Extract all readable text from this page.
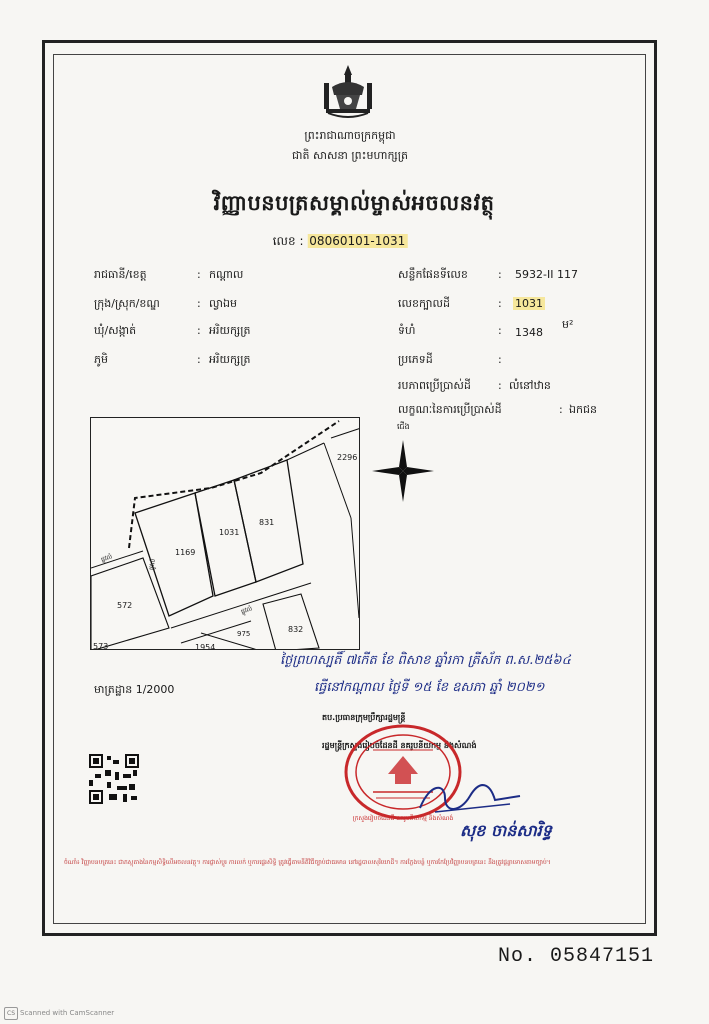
ព្រះរាជាណាចក្រកម្ពុជា
ជាតិ សាសនា ព្រះមហាក្សត្រ
វិញ្ញាបនបត្រសម្គាល់ម្ចាស់អចលនវត្ថុ
លេខ : 08060101-1031
រាជធានី/ខេត្ត	: កណ្តាល
ក្រុង/ស្រុក/ខណ្ឌ	: ល្វាឯម
ឃុំ/សង្កាត់	: អរិយក្សត្រ
ភូមិ	: អរិយក្សត្រ
សន្លឹកផែនទីលេខ	: 5932-II 117
លេខក្បាលដី	: 1031
ទំហំ	: 1348
ម²
ប្រភេទដី	:
របភាពប្រើប្រាស់ដី : លំនៅឋាន
លក្ខណៈនៃការប្រើប្រាស់ដី	: ឯកជន
1169
1031
831
572
832
1954
2296
573
975
ផ្លូវលំ	ផ្លូវលំ
ផ្លូវលំ
ជើង
មាត្រដ្ឋាន 1/2000
ថ្ងៃព្រហស្បតិ៍ ៧កើត ខែ ពិសាខ ឆ្នាំរកា ត្រីស័ក ព.ស.២៥៦៤
ធ្វើនៅកណ្តាល ថ្ងៃទី ១៥ ខែ ឧសភា ឆ្នាំ ២០២១
តប.ប្រធានក្រុមប្រឹក្សារដ្ឋមន្ត្រី
រដ្ឋមន្ត្រីក្រសួងរៀបចំដែនដី នគរូបនីយកម្ម និងសំណង់
ក្រសួងរៀបចំដែនដី នគរូបនីយកម្ម និងសំណង់
សុខ ចាន់សារិទ្ធ
ចំណាំ៖ វិញ្ញាបនបត្រនេះ ជាភស្តុតាងនៃកម្មសិទ្ធិលើអចលនវត្ថុ។ ការផ្លាស់ប្តូរ ការលក់ ឬការផ្ទេរសិទ្ធិ ត្រូវធ្វើតាមនីតិវិធីច្បាប់ជាធរមាន នៅរដ្ឋបាលសុរិយោដី។ ការក្លែងបន្លំ ឬការកែប្រែវិញ្ញាបនបត្រនេះ នឹងត្រូវផ្តន្ទាទោសតាមច្បាប់។
No. 05847151
CS Scanned with CamScanner
